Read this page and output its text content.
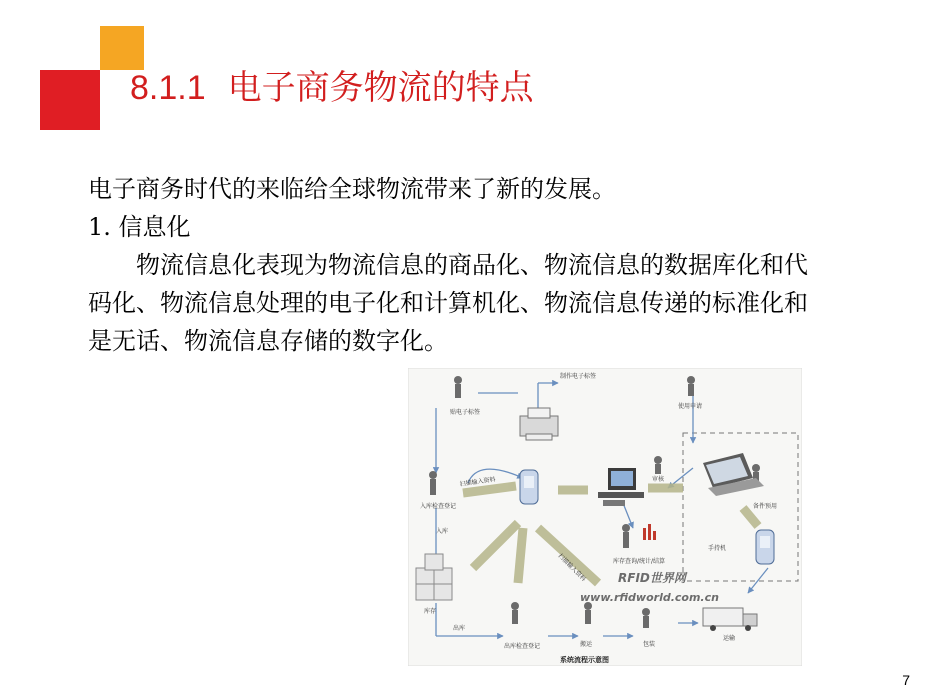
8.1.1 电子商务物流的特点

电子商务时代的来临给全球物流带来了新的发展。

1. 信息化

物流信息化表现为物流信息的商品化、物流信息的数据库化和代码化、物流信息处理的电子化和计算机化、物流信息传递的标准化和是无话、物流信息存储的数字化。

制作电子标签
贴电子标签
使用申请
审核
入库检查登记	备件预用
入库
库存查询/统计/结算
手持机
库存
出库
出库检查登记	搬运	包装
运输
扫描输入资料
扫描输入资料	RFID世界网
www.rfidworld.com.cn
系统流程示意图
7
